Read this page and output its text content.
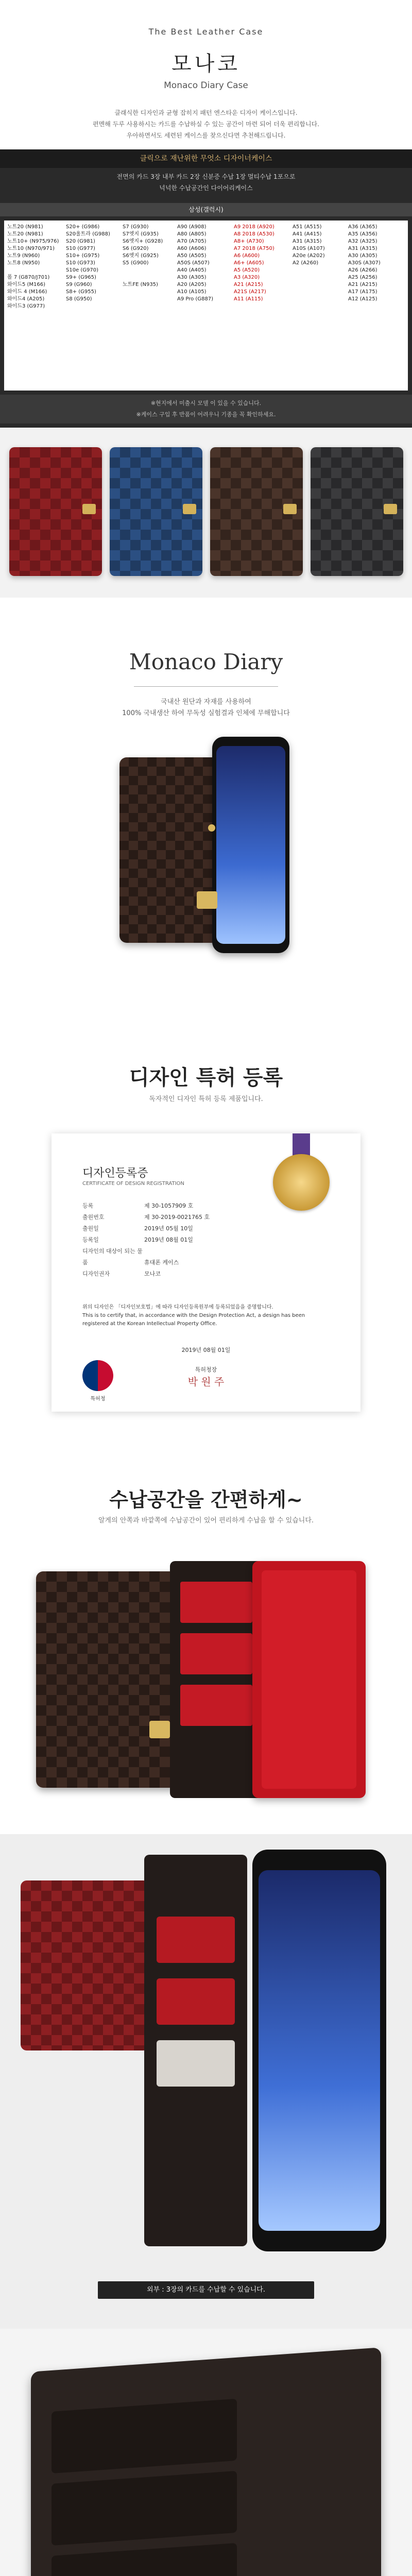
The Best Leather Case
모나코
Monaco Diary Case
클래식한 디자인과 균형 잡히지 패턴 엔스타운 디자이 케이스입니다.
편멘해 두루 사용하시는 카드를 수납하실 수 있는 공간이 마련 되어 더욱 편리합니다.
우아하면서도 세련된 케이스를 찾으신다면 추천해드립니다.
클릭으로 재난위한 무엇소 디자이너케이스
전면의 카드 3장 내부 카드 2장 신분증 수납 1장 멀티수납 1포으로
넉넉한 수납공간인 다이어리케이스
삼성(갤럭시)
노트20 (N981)
노트20 (N981)
노트10+ (N975/976)
노트10 (N970/971)
노트9 (N960)
노트8 (N950)

폴 7 (G870/J701)
와이드5 (M166)
와이드 4 (M166)
와이드4 (A205)
와이드3 (G977)
S20+ (G986)
S20울트라 (G988)
S20 (G981)
S10 (G977)
S10+ (G975)
S10 (G973)
S10e (G970)
S9+ (G965)
S9 (G960)
S8+ (G955)
S8 (G950)
S7 (G930)
S7엣지 (G935)
S6엣지+ (G928)
S6 (G920)
S6엣지 (G925)
S5 (G900)

노트FE (N935)

A90 (A908)
A80 (A805)
A70 (A705)
A60 (A606)
A50 (A505)
A50S (A507)
A40 (A405)
A30 (A305)
A20 (A205)
A10 (A105)
A9 Pro (G887)
A9 2018 (A920)
A8 2018 (A530)
A8+ (A730)
A7 2018 (A750)
A6 (A600)
A6+ (A605)
A5 (A520)
A3 (A320)
A21 (A215)
A21S (A217)
A11 (A115)
A51 (A515)
A41 (A415)
A31 (A315)
A10S (A107)
A20e (A202)
A2 (A260)

A36 (A365)
A35 (A356)
A32 (A325)
A31 (A315)
A30 (A305)
A30S (A307)
A26 (A266)
A25 (A256)
A21 (A215)
A17 (A175)
A12 (A125)
※현지에서 미출시 모델 이 있을 수 있습니다.
※케이스 구입 후 반품이 어려우니 기종을 꼭 확인하세요.
Monaco Diary
국내산 원단과 자재를 사용하여
100% 국내생산 하여 무독성 실험결과 인체에 무해합니다
디자인 특허 등록
독자적인 디자인 특허 등록 제품입니다.
디자인등록증
CERTIFICATE OF DESIGN REGISTRATION
등록	제 30-1057909 호
출원번호	제 30-2019-0021765 호
출원일	2019년 05월 10일
등록일	2019년 08월 01일
디자인의 대상이 되는 물품	휴대폰 케이스
디자인권자	모나코
위의 디자인은 「디자인보호법」에 따라 디자인등록원부에 등록되었음을 증명합니다.
This is to certify that, in accordance with the Design Protection Act, a design has been registered at the Korean Intellectual Property Office.
2019년 08월 01일
특허청
특허청장
박 원 주
수납공간을 간편하게~
알게의 안쪽과 바깥쪽에 수납공간이 있어 편리하게 수납을 할 수 있습니다.
외부 : 3장의 카드를 수납할 수 있습니다.
